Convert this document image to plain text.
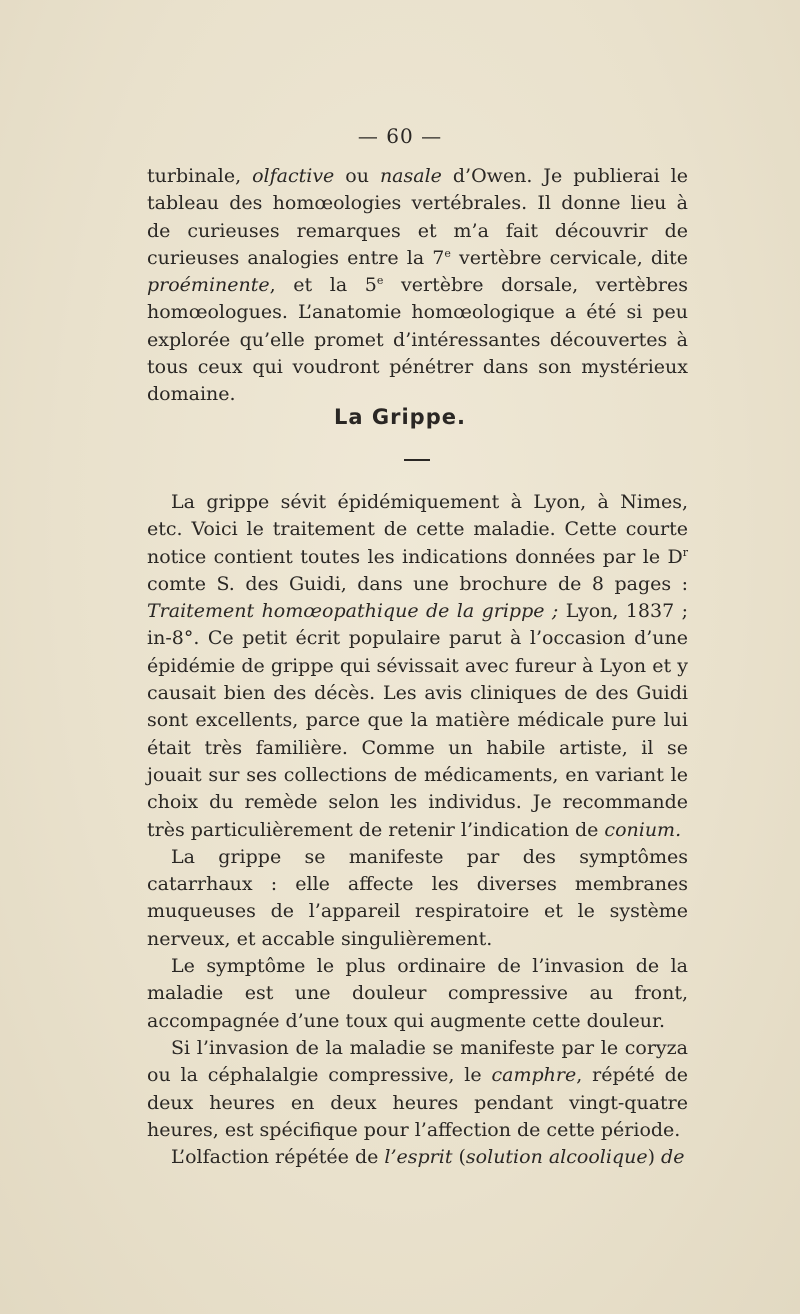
— 60 —

turbinale, olfactive ou nasale d’Owen. Je publierai le tableau des homœologies vertébrales. Il donne lieu à de curieuses remarques et m’a fait découvrir de curieuses analogies entre la 7e vertèbre cervicale, dite proéminente, et la 5e vertèbre dorsale, vertèbres homœologues. L’anatomie homœologique a été si peu explorée qu’elle promet d’intéressantes découvertes à tous ceux qui voudront pénétrer dans son mystérieux domaine.

La Grippe.

La grippe sévit épidémiquement à Lyon, à Nimes, etc. Voici le traitement de cette maladie. Cette courte notice contient toutes les indications données par le $D^r$ comte S. des Guidi, dans une brochure de 8 pages : Traitement homœopathique de la grippe ; Lyon, 1837 ; in-8°. Ce petit écrit populaire parut à l’occasion d’une épidémie de grippe qui sévissait avec fureur à Lyon et y causait bien des décès. Les avis cliniques de des Guidi sont excellents, parce que la matière médicale pure lui était très familière. Comme un habile artiste, il se jouait sur ses collections de médicaments, en variant le choix du remède selon les individus. Je recommande très particulièrement de retenir l’indication de conium.

La grippe se manifeste par des symptômes catarrhaux : elle affecte les diverses membranes muqueuses de l’appareil respiratoire et le système nerveux, et accable singulièrement.

Le symptôme le plus ordinaire de l’invasion de la maladie est une douleur compressive au front, accompagnée d’une toux qui augmente cette douleur.

Si l’invasion de la maladie se manifeste par le coryza ou la céphalalgie compressive, le camphre, répété de deux heures en deux heures pendant vingt-quatre heures, est spécifique pour l’affection de cette période.

L’olfaction répétée de l’esprit (solution alcoolique) de
